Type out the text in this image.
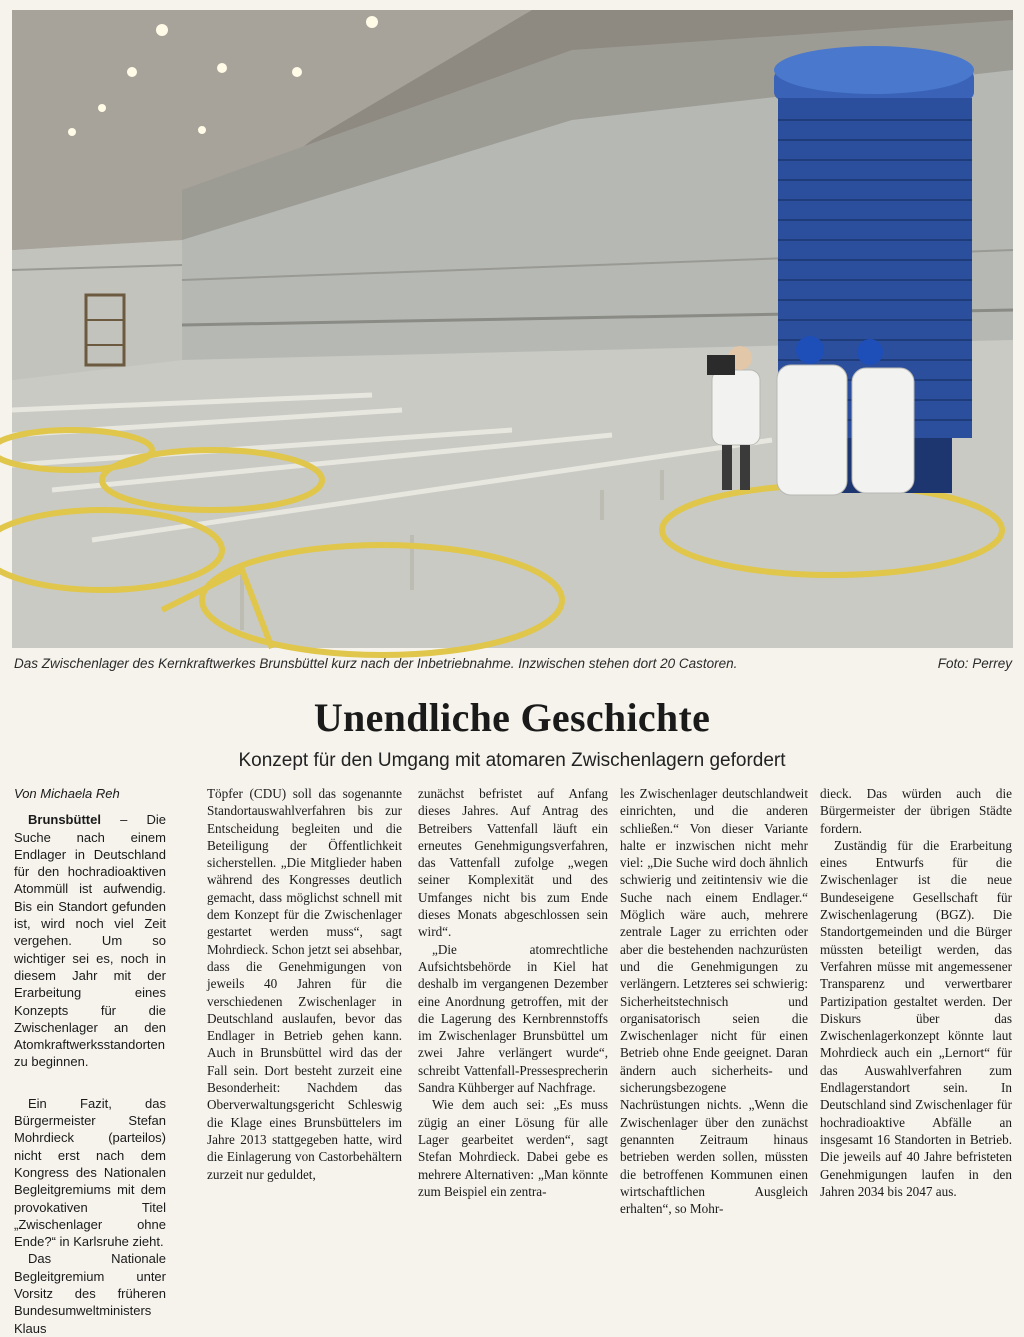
Das Zwischenlager des Kernkraftwerkes Brunsbüttel kurz nach der Inbetriebnahme. Inzwischen stehen dort 20 Castoren.	Foto: Perrey
Unendliche Geschichte
Konzept für den Umgang mit atomaren Zwischenlagern gefordert

Von Michaela Reh

Brunsbüttel – Die Suche nach einem Endlager in Deutschland für den hochradioaktiven Atommüll ist aufwendig. Bis ein Standort gefunden ist, wird noch viel Zeit vergehen. Um so wichtiger sei es, noch in diesem Jahr mit der Erarbeitung eines Konzepts für die Zwischenlager an den Atomkraftwerksstandorten zu beginnen.

Ein Fazit, das Bürgermeister Stefan Mohrdieck (parteilos) nicht erst nach dem Kongress des Nationalen Begleitgremiums mit dem provokativen Titel „Zwischenlager ohne Ende?“ in Karlsruhe zieht.

Das Nationale Begleitgremium unter Vorsitz des früheren Bundesumweltministers Klaus

Töpfer (CDU) soll das sogenannte Standortauswahlverfahren bis zur Entscheidung begleiten und die Beteiligung der Öffentlichkeit sicherstellen. „Die Mitglieder haben während des Kongresses deutlich gemacht, dass möglichst schnell mit dem Konzept für die Zwischenlager gestartet werden muss“, sagt Mohrdieck. Schon jetzt sei absehbar, dass die Genehmigungen von jeweils 40 Jahren für die verschiedenen Zwischenlager in Deutschland auslaufen, bevor das Endlager in Betrieb gehen kann. Auch in Brunsbüttel wird das der Fall sein. Dort besteht zurzeit eine Besonderheit: Nachdem das Oberverwaltungsgericht Schleswig die Klage eines Brunsbüttelers im Jahre 2013 stattgegeben hatte, wird die Einlagerung von Castorbehältern zurzeit nur geduldet,

zunächst befristet auf Anfang dieses Jahres. Auf Antrag des Betreibers Vattenfall läuft ein erneutes Genehmigungsverfahren, das Vattenfall zufolge „wegen seiner Komplexität und des Umfanges nicht bis zum Ende dieses Monats abgeschlossen sein wird“.

„Die atomrechtliche Aufsichtsbehörde in Kiel hat deshalb im vergangenen Dezember eine Anordnung getroffen, mit der die Lagerung des Kernbrennstoffs im Zwischenlager Brunsbüttel um zwei Jahre verlängert wurde“, schreibt Vattenfall-Pressesprecherin Sandra Kühberger auf Nachfrage.

Wie dem auch sei: „Es muss zügig an einer Lösung für alle Lager gearbeitet werden“, sagt Stefan Mohrdieck. Dabei gebe es mehrere Alternativen: „Man könnte zum Beispiel ein zentra-

les Zwischenlager deutschlandweit einrichten, und die anderen schließen.“ Von dieser Variante halte er inzwischen nicht mehr viel: „Die Suche wird doch ähnlich schwierig und zeitintensiv wie die Suche nach einem Endlager.“ Möglich wäre auch, mehrere zentrale Lager zu errichten oder aber die bestehenden nachzurüsten und die Genehmigungen zu verlängern. Letzteres sei schwierig: Sicherheitstechnisch und organisatorisch seien die Zwischenlager nicht für einen Betrieb ohne Ende geeignet. Daran ändern auch sicherheits- und sicherungsbezogene Nachrüstungen nichts. „Wenn die Zwischenlager über den zunächst genannten Zeitraum hinaus betrieben werden sollen, müssten die betroffenen Kommunen einen wirtschaftlichen Ausgleich erhalten“, so Mohr-

dieck. Das würden auch die Bürgermeister der übrigen Städte fordern.

Zuständig für die Erarbeitung eines Entwurfs für die Zwischenlager ist die neue Bundeseigene Gesellschaft für Zwischenlagerung (BGZ). Die Standortgemeinden und die Bürger müssten beteiligt werden, das Verfahren müsse mit angemessener Transparenz und verwertbarer Partizipation gestaltet werden. Der Diskurs über das Zwischenlagerkonzept könnte laut Mohrdieck auch ein „Lernort“ für das Auswahlverfahren zum Endlagerstandort sein. In Deutschland sind Zwischenlager für hochradioaktive Abfälle an insgesamt 16 Standorten in Betrieb. Die jeweils auf 40 Jahre befristeten Genehmigungen laufen in den Jahren 2034 bis 2047 aus.
